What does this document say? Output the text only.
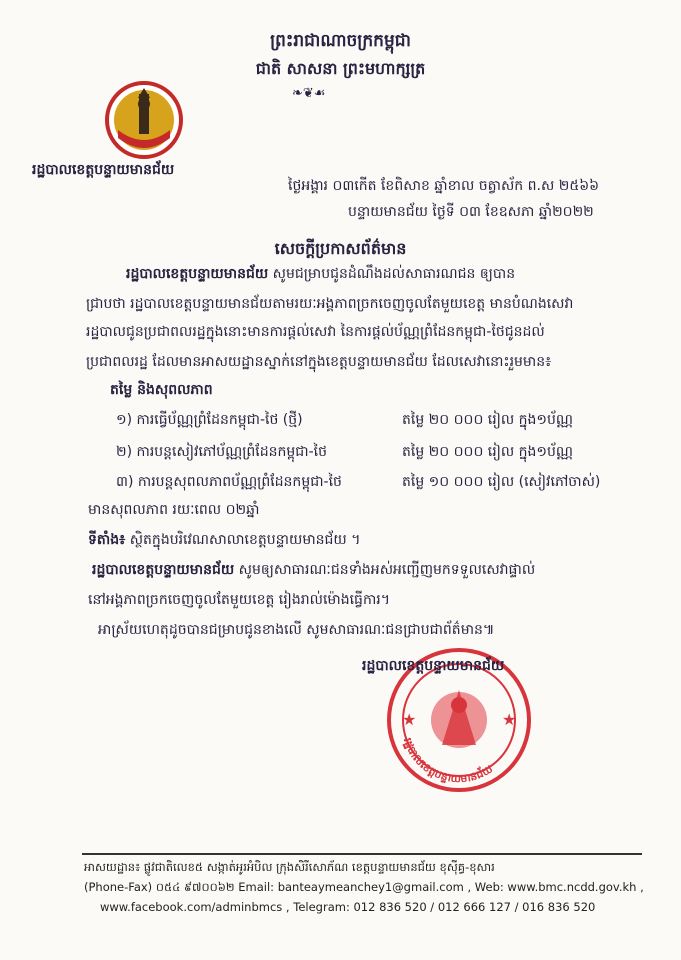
ព្រះរាជាណាចក្រកម្ពុជា
ជាតិ សាសនា ព្រះមហាក្សត្រ
❧❦☙
រដ្ឋបាលខេត្តបន្ទាយមានជ័យ
ថ្ងៃអង្គារ ០៣កើត ខែពិសាខ ឆ្នាំខាល ចត្វាស័ក ព.ស ២៥៦៦
បន្ទាយមានជ័យ ថ្ងៃទី ០៣ ខែឧសភា ឆ្នាំ២០២២
សេចក្តីប្រកាសព័ត៌មាន
រដ្ឋបាលខេត្តបន្ទាយមានជ័យ សូមជម្រាបជូនដំណឹងដល់សាធារណជន ឲ្យបាន
ជ្រាបថា រដ្ឋបាលខេត្តបន្ទាយមានជ័យតាមរយៈអង្គភាពច្រកចេញចូលតែមួយខេត្ត មានបំណងសេវា
រដ្ឋបាលជូនប្រជាពលរដ្ឋក្នុងនោះមានការផ្តល់សេវា នៃការផ្តល់ប័ណ្ណព្រំដែនកម្ពុជា-ថៃជូនដល់
ប្រជាពលរដ្ឋ ដែលមានអាសយដ្ឋានស្នាក់នៅក្នុងខេត្តបន្ទាយមានជ័យ ដែលសេវានោះរួមមាន៖
តម្លៃ និងសុពលភាព
១) ការធ្វើប័ណ្ណព្រំដែនកម្ពុជា-ថៃ (ថ្មី)	តម្លៃ ២០ ០០០ រៀល ក្នុង១ប័ណ្ណ
២) ការបន្តសៀវភៅប័ណ្ណព្រំដែនកម្ពុជា-ថៃ	តម្លៃ ២០ ០០០ រៀល ក្នុង១ប័ណ្ណ
៣) ការបន្តសុពលភាពប័ណ្ណព្រំដែនកម្ពុជា-ថៃ	តម្លៃ ១០ ០០០ រៀល (សៀវភៅចាស់)
មានសុពលភាព រយៈពេល ០២ឆ្នាំ
ទីតាំង៖ ស្ថិតក្នុងបរិវេណសាលាខេត្តបន្ទាយមានជ័យ ។
រដ្ឋបាលខេត្តបន្ទាយមានជ័យ សូមឲ្យសាធារណៈជនទាំងអស់អញ្ជើញមកទទួលសេវាផ្ទាល់
នៅអង្គភាពច្រកចេញចូលតែមួយខេត្ត រៀងរាល់ម៉ោងធ្វើការ។
អាស្រ័យហេតុដូចបានជម្រាបជូនខាងលើ សូមសាធារណៈជនជ្រាបជាព័ត៌មាន៕
★	★
រដ្ឋបាលខេត្តបន្ទាយមានជ័យ
រដ្ឋបាលខេត្តបន្ទាយមានជ័យ
អាសយដ្ឋាន៖ ផ្លូវជាតិលេខ៥ សង្កាត់អូរអំបិល ក្រុងសិរីសោភ័ណ ខេត្តបន្ទាយមានជ័យ ខុសុីគ្ធ-ខុសារ
(Phone-Fax) ០៥៤ ៩៧០០៦២ Email: banteaymeanchey1@gmail.com , Web: www.bmc.ncdd.gov.kh ,
www.facebook.com/adminbmcs , Telegram: 012 836 520 / 012 666 127 / 016 836 520
